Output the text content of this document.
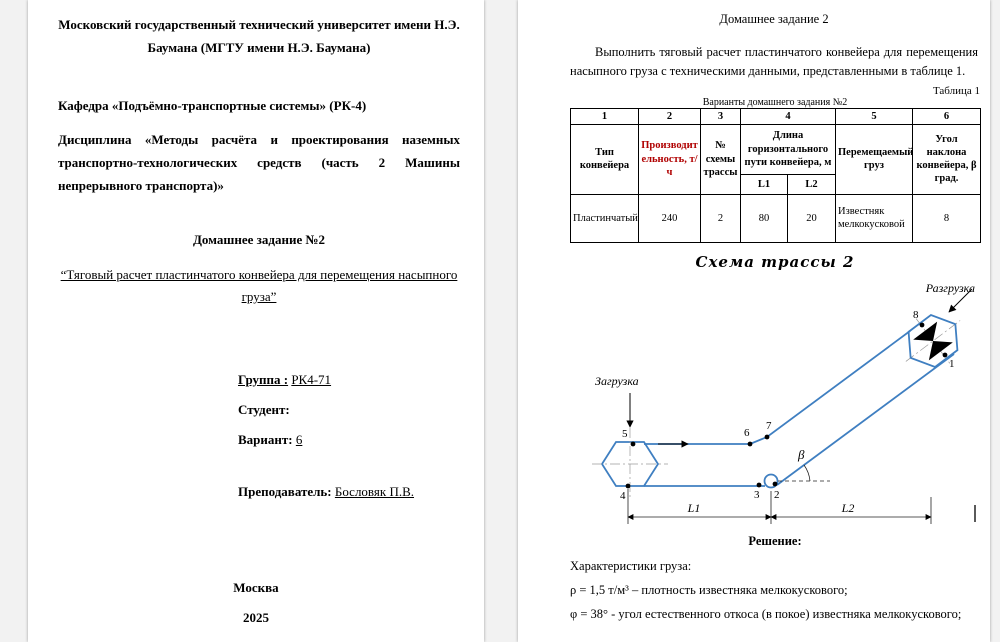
Московский государственный технический университет имени Н.Э. Баумана (МГТУ имени Н.Э. Баумана)
Кафедра «Подъёмно-транспортные системы» (РК-4)
Дисциплина «Методы расчёта и проектирования наземных транспортно-технологических средств (часть 2 Машины непрерывного транспорта)»
Домашнее задание №2
“Тяговый расчет пластинчатого конвейера для перемещения насыпного груза”

Группа : РК4-71

Студент:

Вариант: 6

Преподаватель: Бословяк П.В.

Москва
2025
Домашнее задание 2
Выполнить тяговый расчет пластинчатого конвейера для перемещения насыпного груза с техническими данными, представленными в таблице 1.
Таблица 1
Варианты домашнего задания №2
1	2	3	4		5	6
Тип конвейера	Производительность, т/ч	№ схемы трассы	Длина горизонтального пути конвейера, м		Перемещаемый груз	Угол наклона конвейера, β град.
			L1	L2		
Пластинчатый	240	2	80	20	Известняк мелкокусковой	8
Схема трассы 2
Загрузка
Разгрузка
β
5
4
6
7
3 2
8
1
L1	L2
Решение:
Характеристики груза:
ρ = 1,5 т/м³ – плотность известняка мелкокускового;
φ = 38° - угол естественного откоса (в покое) известняка мелкокускового;
